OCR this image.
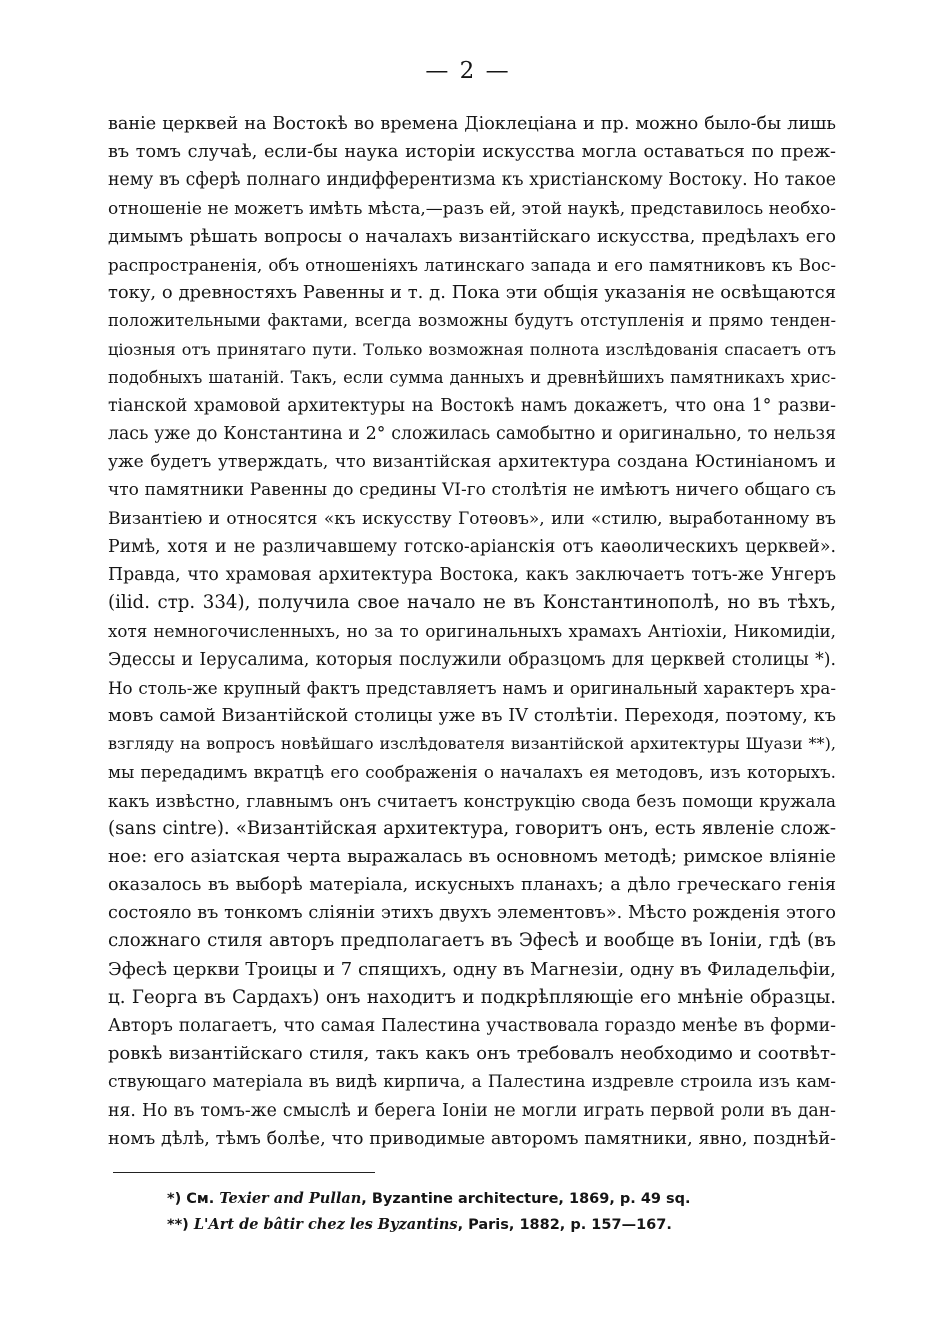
— 2 —
ваніе церквей на Востокѣ во времена Діоклеціана и пр. можно было-бы лишь
въ томъ случаѣ, если-бы наука исторіи искусства могла оставаться по преж-
нему въ сферѣ полнаго индифферентизма къ христіанскому Востоку. Но такое
отношеніе не можетъ имѣть мѣста,—разъ ей, этой наукѣ, представилось необхо-
димымъ рѣшать вопросы о началахъ византійскаго искусства, предѣлахъ его
распространенія, объ отношеніяхъ латинскаго запада и его памятниковъ къ Вос-
току, о древностяхъ Равенны и т. д. Пока эти общія указанія не освѣщаются
положительными фактами, всегда возможны будутъ отступленія и прямо тенден-
ціозныя отъ принятаго пути. Только возможная полнота изслѣдованія спасаетъ отъ
подобныхъ шатаній. Такъ, если сумма данныхъ и древнѣйшихъ памятникахъ хрис-
тіанской храмовой архитектуры на Востокѣ намъ докажетъ, что она 1° разви-
лась уже до Константина и 2° сложилась самобытно и оригинально, то нельзя
уже будетъ утверждать, что византійская архитектура создана Юстиніаномъ и
что памятники Равенны до средины VI-го столѣтія не имѣютъ ничего общаго съ
Византіею и относятся «къ искусству Готѳовъ», или «стилю, выработанному въ
Римѣ, хотя и не различавшему готско-аріанскія отъ каѳолическихъ церквей».
Правда, что храмовая архитектура Востока, какъ заключаетъ тотъ-же Унгеръ
(ilid. стр. 334), получила свое начало не въ Константинополѣ, но въ тѣхъ,
хотя немногочисленныхъ, но за то оригинальныхъ храмахъ Антіохіи, Никомидіи,
Эдессы и Іерусалима, которыя послужили образцомъ для церквей столицы *).
Но столь-же крупный фактъ представляетъ намъ и оригинальный характеръ хра-
мовъ самой Византійской столицы уже въ IV столѣтіи. Переходя, поэтому, къ
взгляду на вопросъ новѣйшаго изслѣдователя византійской архитектуры Шуази **),
мы передадимъ вкратцѣ его соображенія о началахъ ея методовъ, изъ которыхъ.
какъ извѣстно, главнымъ онъ считаетъ конструкцію свода безъ помощи кружала
(sans cintre). «Византійская архитектура, говоритъ онъ, есть явленіе слож-
ное: его азіатская черта выражалась въ основномъ методѣ; римское вліяніе
оказалось въ выборѣ матеріала, искусныхъ планахъ; а дѣло греческаго генія
состояло въ тонкомъ сліяніи этихъ двухъ элементовъ». Мѣсто рожденія этого
сложнаго стиля авторъ предполагаетъ въ Эфесѣ и вообще въ Іоніи, гдѣ (въ
Эфесѣ церкви Троицы и 7 спящихъ, одну въ Магнезіи, одну въ Филадельфіи,
ц. Георга въ Сардахъ) онъ находитъ и подкрѣпляющіе его мнѣніе образцы.
Авторъ полагаетъ, что самая Палестина участвовала гораздо менѣе въ форми-
ровкѣ византійскаго стиля, такъ какъ онъ требовалъ необходимо и соотвѣт-
ствующаго матеріала въ видѣ кирпича, а Палестина издревле строила изъ кам-
ня. Но въ томъ-же смыслѣ и берега Іоніи не могли играть первой роли въ дан-
номъ дѣлѣ, тѣмъ болѣе, что приводимые авторомъ памятники, явно, позднѣй-
*) См. Texier and Pullan, Byzantine architecture, 1869, p. 49 sq.
**) L'Art de bâtir chez les Byzantins, Paris, 1882, p. 157—167.
